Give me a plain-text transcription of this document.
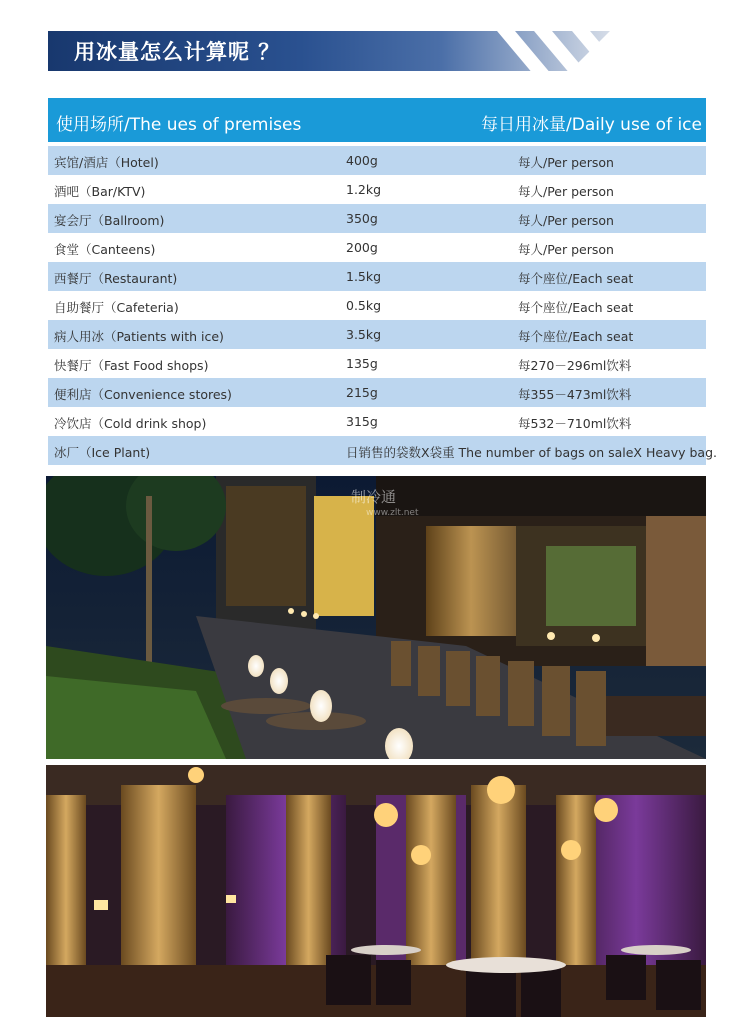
用冰量怎么计算呢 ？
使用场所/The ues of premises	每日用冰量/Daily use of ice
宾馆/酒店（Hotel)	400g	每人/Per person
酒吧（Bar/KTV)	1.2kg	每人/Per person
宴会厅（Ballroom)	350g	每人/Per person
食堂（Canteens)	200g	每人/Per person
西餐厅（Restaurant)	1.5kg	每个座位/Each seat
自助餐厅（Cafeteria)	0.5kg	每个座位/Each seat
病人用冰（Patients with ice)	3.5kg	每个座位/Each seat
快餐厅（Fast Food shops)	135g	每270－296ml饮料
便利店（Convenience stores)	215g	每355－473ml饮料
冷饮店（Cold drink shop)	315g	每532－710ml饮料
冰厂（Ice Plant)	日销售的袋数X袋重 The number of bags on saleX Heavy bag.
制冷通
www.zlt.net
